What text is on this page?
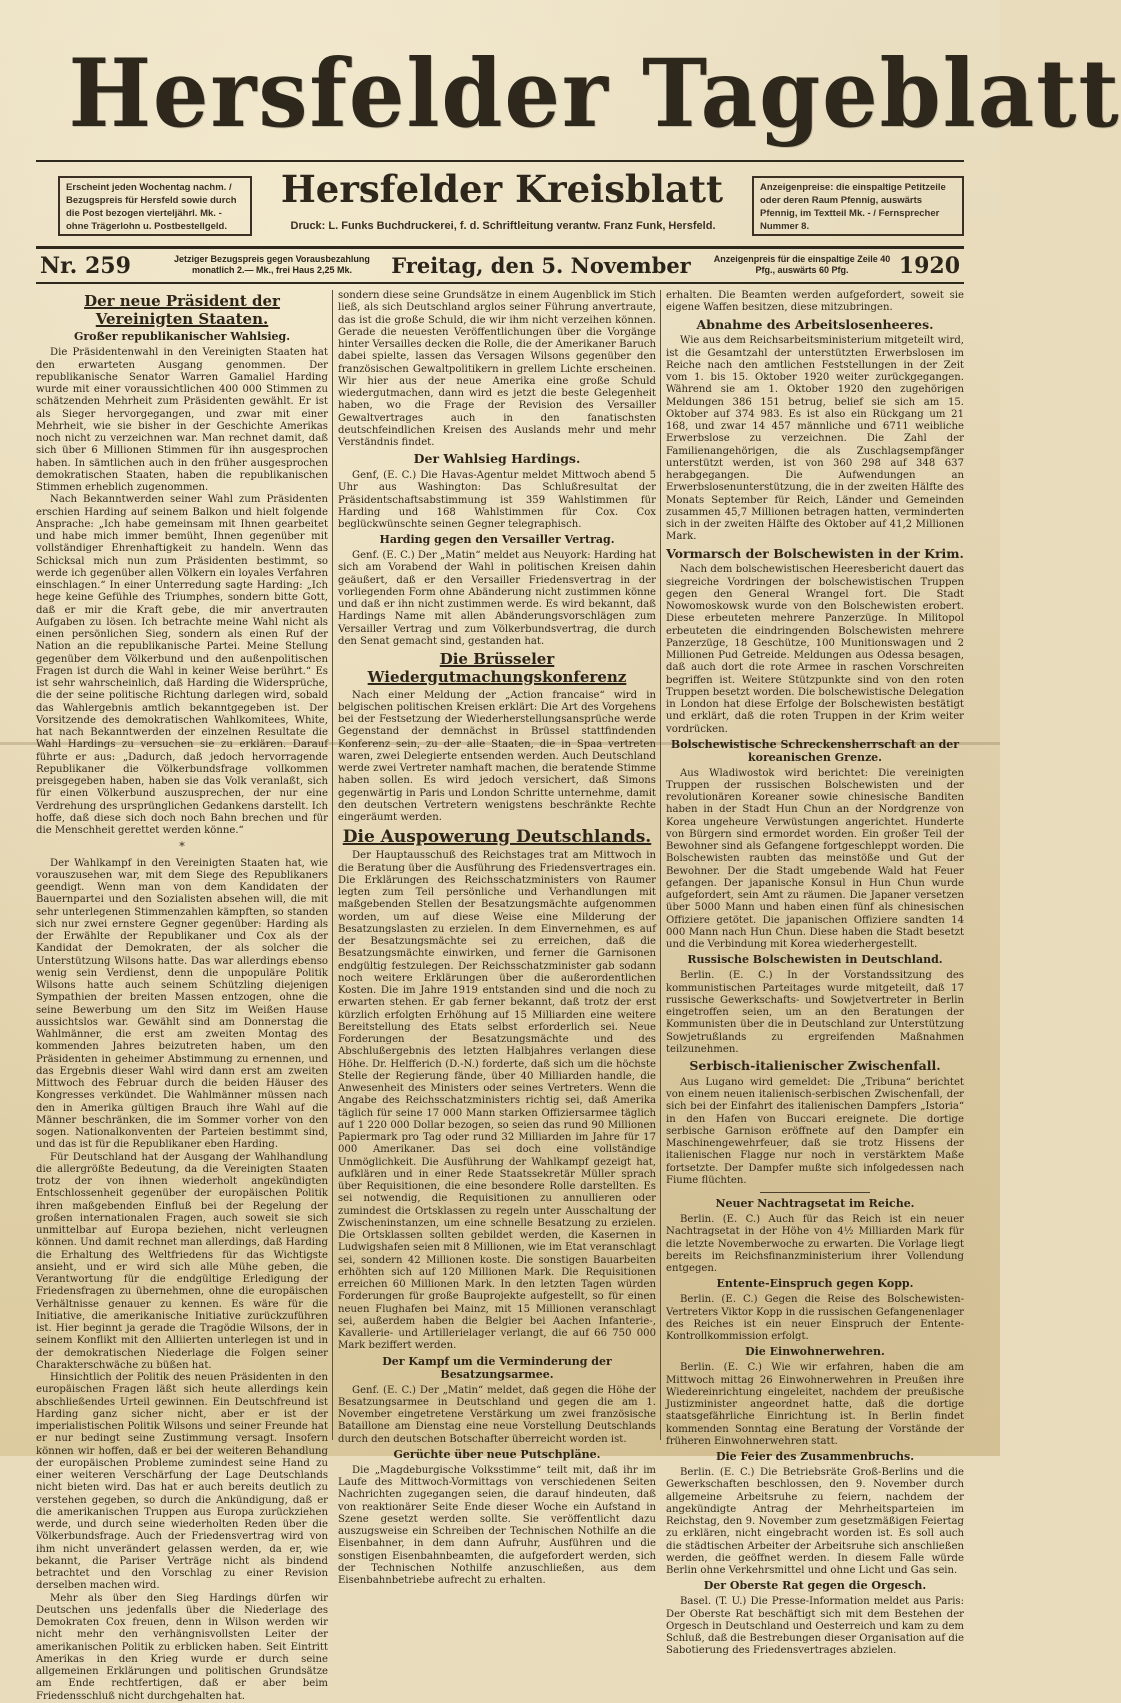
Hersfelder Tageblatt
Erscheint jeden Wochentag nachm. / Bezugspreis für Hersfeld sowie durch die Post bezogen vierteljährl. Mk. - ohne Trägerlohn u. Postbestellgeld.
Hersfelder Kreisblatt
Druck: L. Funks Buchdruckerei, f. d. Schriftleitung verantw. Franz Funk, Hersfeld.
Anzeigenpreise: die einspaltige Petitzeile oder deren Raum Pfennig, auswärts Pfennig, im Textteil Mk. - / Fernsprecher Nummer 8.
Nr. 259	Jetziger Bezugspreis gegen Vorausbezahlung monatlich 2.— Mk., frei Haus 2,25 Mk.	Freitag, den 5. November	Anzeigenpreis für die einspaltige Zeile 40 Pfg., auswärts 60 Pfg.	1920
Der neue Präsident der Vereinigten Staaten.
Großer republikanischer Wahlsieg.

Die Präsidentenwahl in den Vereinigten Staaten hat den erwarteten Ausgang genommen. Der republikanische Senator Warren Gamaliel Harding wurde mit einer voraussichtlichen 400 000 Stimmen zu schätzenden Mehrheit zum Präsidenten gewählt. Er ist als Sieger hervorgegangen, und zwar mit einer Mehrheit, wie sie bisher in der Geschichte Amerikas noch nicht zu verzeichnen war. Man rechnet damit, daß sich über 6 Millionen Stimmen für ihn ausgesprochen haben. In sämtlichen auch in den früher ausgesprochen demokratischen Staaten, haben die republikanischen Stimmen erheblich zugenommen.

Nach Bekanntwerden seiner Wahl zum Präsidenten erschien Harding auf seinem Balkon und hielt folgende Ansprache: „Ich habe gemeinsam mit Ihnen gearbeitet und habe mich immer bemüht, Ihnen gegenüber mit vollständiger Ehrenhaftigkeit zu handeln. Wenn das Schicksal mich nun zum Präsidenten bestimmt, so werde ich gegenüber allen Völkern ein loyales Verfahren einschlagen.“ In einer Unterredung sagte Harding: „Ich hege keine Gefühle des Triumphes, sondern bitte Gott, daß er mir die Kraft gebe, die mir anvertrauten Aufgaben zu lösen. Ich betrachte meine Wahl nicht als einen persönlichen Sieg, sondern als einen Ruf der Nation an die republikanische Partei. Meine Stellung gegenüber dem Völkerbund und den außenpolitischen Fragen ist durch die Wahl in keiner Weise berührt.“ Es ist sehr wahrscheinlich, daß Harding die Widersprüche, die der seine politische Richtung darlegen wird, sobald das Wahlergebnis amtlich bekanntgegeben ist. Der Vorsitzende des demokratischen Wahlkomitees, White, hat nach Bekanntwerden der einzelnen Resultate die Wahl Hardings zu versuchen sie zu erklären. Darauf führte er aus: „Dadurch, daß jedoch hervorragende Republikaner die Völkerbundsfrage vollkommen preisgegeben haben, haben sie das Volk veranlaßt, sich für einen Völkerbund auszusprechen, der nur eine Verdrehung des ursprünglichen Gedankens darstellt. Ich hoffe, daß diese sich doch noch Bahn brechen und für die Menschheit gerettet werden könne.“

*

Der Wahlkampf in den Vereinigten Staaten hat, wie vorauszusehen war, mit dem Siege des Republikaners geendigt. Wenn man von dem Kandidaten der Bauernpartei und den Sozialisten absehen will, die mit sehr unterlegenen Stimmenzahlen kämpften, so standen sich nur zwei ernstere Gegner gegenüber: Harding als der Erwählte der Republikaner und Cox als der Kandidat der Demokraten, der als solcher die Unterstützung Wilsons hatte. Das war allerdings ebenso wenig sein Verdienst, denn die unpopuläre Politik Wilsons hatte auch seinem Schützling diejenigen Sympathien der breiten Massen entzogen, ohne die seine Bewerbung um den Sitz im Weißen Hause aussichtslos war. Gewählt sind am Donnerstag die Wahlmänner, die erst am zweiten Montag des kommenden Jahres beizutreten haben, um den Präsidenten in geheimer Abstimmung zu ernennen, und das Ergebnis dieser Wahl wird dann erst am zweiten Mittwoch des Februar durch die beiden Häuser des Kongresses verkündet. Die Wahlmänner müssen nach den in Amerika gültigen Brauch ihre Wahl auf die Männer beschränken, die im Sommer vorher von den sogen. Nationalkonventen der Parteien bestimmt sind, und das ist für die Republikaner eben Harding.

Für Deutschland hat der Ausgang der Wahlhandlung die allergrößte Bedeutung, da die Vereinigten Staaten trotz der von ihnen wiederholt angekündigten Entschlossenheit gegenüber der europäischen Politik ihren maßgebenden Einfluß bei der Regelung der großen internationalen Fragen, auch soweit sie sich unmittelbar auf Europa beziehen, nicht verleugnen können. Und damit rechnet man allerdings, daß Harding die Erhaltung des Weltfriedens für das Wichtigste ansieht, und er wird sich alle Mühe geben, die Verantwortung für die endgültige Erledigung der Friedensfragen zu übernehmen, ohne die europäischen Verhältnisse genauer zu kennen. Es wäre für die Initiative, die amerikanische Initiative zurückzuführen ist. Hier beginnt ja gerade die Tragödie Wilsons, der in seinem Konflikt mit den Alliierten unterlegen ist und in der demokratischen Niederlage die Folgen seiner Charakterschwäche zu büßen hat.

Hinsichtlich der Politik des neuen Präsidenten in den europäischen Fragen läßt sich heute allerdings kein abschließendes Urteil gewinnen. Ein Deutschfreund ist Harding ganz sicher nicht, aber er ist der imperialistischen Politik Wilsons und seiner Freunde hat er nur bedingt seine Zustimmung versagt. Insofern können wir hoffen, daß er bei der weiteren Behandlung der europäischen Probleme zumindest seine Hand zu einer weiteren Verschärfung der Lage Deutschlands nicht bieten wird. Das hat er auch bereits deutlich zu verstehen gegeben, so durch die Ankündigung, daß er die amerikanischen Truppen aus Europa zurückziehen werde, und durch seine wiederholten Reden über die Völkerbundsfrage. Auch der Friedensvertrag wird von ihm nicht unverändert gelassen werden, da er, wie bekannt, die Pariser Verträge nicht als bindend betrachtet und den Vorschlag zu einer Revision derselben machen wird.

Mehr als über den Sieg Hardings dürfen wir Deutschen uns jedenfalls über die Niederlage des Demokraten Cox freuen, denn in Wilson werden wir nicht mehr den verhängnisvollsten Leiter der amerikanischen Politik zu erblicken haben. Seit Eintritt Amerikas in den Krieg wurde er durch seine allgemeinen Erklärungen und politischen Grundsätze am Ende rechtfertigen, daß er aber beim Friedensschluß nicht durchgehalten hat.

sondern diese seine Grundsätze in einem Augenblick im Stich ließ, als sich Deutschland arglos seiner Führung anvertraute, das ist die große Schuld, die wir ihm nicht verzeihen können. Gerade die neuesten Veröffentlichungen über die Vorgänge hinter Versailles decken die Rolle, die der Amerikaner Baruch dabei spielte, lassen das Versagen Wilsons gegenüber den französischen Gewaltpolitikern in grellem Lichte erscheinen. Wir hier aus der neue Amerika eine große Schuld wiedergutmachen, dann wird es jetzt die beste Gelegenheit haben, wo die Frage der Revision des Versailler Gewaltvertrages auch in den fanatischsten deutschfeindlichen Kreisen des Auslands mehr und mehr Verständnis findet.

Der Wahlsieg Hardings.

Genf, (E. C.) Die Havas-Agentur meldet Mittwoch abend 5 Uhr aus Washington: Das Schlußresultat der Präsidentschaftsabstimmung ist 359 Wahlstimmen für Harding und 168 Wahlstimmen für Cox. Cox beglückwünschte seinen Gegner telegraphisch.

Harding gegen den Versailler Vertrag.

Genf. (E. C.) Der „Matin“ meldet aus Neuyork: Harding hat sich am Vorabend der Wahl in politischen Kreisen dahin geäußert, daß er den Versailler Friedensvertrag in der vorliegenden Form ohne Abänderung nicht zustimmen könne und daß er ihn nicht zustimmen werde. Es wird bekannt, daß Hardings Name mit allen Abänderungsvorschlägen zum Versailler Vertrag und zum Völkerbundsvertrag, die durch den Senat gemacht sind, gestanden hat.

Die Brüsseler Wiedergutmachungskonferenz

Nach einer Meldung der „Action francaise“ wird in belgischen politischen Kreisen erklärt: Die Art des Vorgehens bei der Festsetzung der Wiederherstellungsansprüche werde Gegenstand der demnächst in Brüssel stattfindenden Konferenz sein, zu der alle Staaten, die in Spaa vertreten waren, zwei Delegierte entsenden werden. Auch Deutschland werde zwei Vertreter namhaft machen, die beratende Stimme haben sollen. Es wird jedoch versichert, daß Simons gegenwärtig in Paris und London Schritte unternehme, damit den deutschen Vertretern wenigstens beschränkte Rechte eingeräumt werden.

Die Auspowerung Deutschlands.

Der Hauptausschuß des Reichstages trat am Mittwoch in die Beratung über die Ausführung des Friedensvertrages ein. Die Erklärungen des Reichsschatzministers von Raumer legten zum Teil persönliche und Verhandlungen mit maßgebenden Stellen der Besatzungsmächte aufgenommen worden, um auf diese Weise eine Milderung der Besatzungslasten zu erzielen. In dem Einvernehmen, es auf der Besatzungsmächte sei zu erreichen, daß die Besatzungsmächte einwirken, und ferner die Garnisonen endgültig festzulegen. Der Reichsschatzminister gab sodann noch weitere Erklärungen über die außerordentlichen Kosten. Die im Jahre 1919 entstanden sind und die noch zu erwarten stehen. Er gab ferner bekannt, daß trotz der erst kürzlich erfolgten Erhöhung auf 15 Milliarden eine weitere Bereitstellung des Etats selbst erforderlich sei. Neue Forderungen der Besatzungsmächte und des Abschlußergebnis des letzten Halbjahres verlangen diese Höhe. Dr. Helfferich (D.-N.) forderte, daß sich um die höchste Stelle der Regierung fände, über 40 Milliarden handle, die Anwesenheit des Ministers oder seines Vertreters. Wenn die Angabe des Reichsschatzministers richtig sei, daß Amerika täglich für seine 17 000 Mann starken Offiziersarmee täglich auf 1 220 000 Dollar bezogen, so seien das rund 90 Millionen Papiermark pro Tag oder rund 32 Milliarden im Jahre für 17 000 Amerikaner. Das sei doch eine vollständige Unmöglichkeit. Die Ausführung der Wahlkampf gezeigt hat, aufklären und in einer Rede Staatssekretär Müller sprach über Requisitionen, die eine besondere Rolle darstellten. Es sei notwendig, die Requisitionen zu annullieren oder zumindest die Ortsklassen zu regeln unter Ausschaltung der Zwischeninstanzen, um eine schnelle Besatzung zu erzielen. Die Ortsklassen sollten gebildet werden, die Kasernen in Ludwigshafen seien mit 8 Millionen, wie im Etat veranschlagt sei, sondern 42 Millionen koste. Die sonstigen Bauarbeiten erhöhten sich auf 120 Millionen Mark. Die Requisitionen erreichen 60 Millionen Mark. In den letzten Tagen würden Forderungen für große Bauprojekte aufgestellt, so für einen neuen Flughafen bei Mainz, mit 15 Millionen veranschlagt sei, außerdem haben die Belgier bei Aachen Infanterie-, Kavallerie- und Artillerielager verlangt, die auf 66 750 000 Mark beziffert werden.

Der Kampf um die Verminderung der Besatzungsarmee.

Genf. (E. C.) Der „Matin“ meldet, daß gegen die Höhe der Besatzungsarmee in Deutschland und gegen die am 1. November eingetretene Verstärkung um zwei französische Bataillone am Dienstag eine neue Vorstellung Deutschlands durch den deutschen Botschafter überreicht worden ist.

Gerüchte über neue Putschpläne.

Die „Magdeburgische Volksstimme“ teilt mit, daß ihr im Laufe des Mittwoch-Vormittags von verschiedenen Seiten Nachrichten zugegangen seien, die darauf hindeuten, daß von reaktionärer Seite Ende dieser Woche ein Aufstand in Szene gesetzt werden sollte. Sie veröffentlicht dazu auszugsweise ein Schreiben der Technischen Nothilfe an die Eisenbahner, in dem dann Aufruhr, Ausführen und die sonstigen Eisenbahnbeamten, die aufgefordert werden, sich der Technischen Nothilfe anzuschließen, aus dem Eisenbahnbetriebe aufrecht zu erhalten.

erhalten. Die Beamten werden aufgefordert, soweit sie eigene Waffen besitzen, diese mitzubringen.

Abnahme des Arbeitslosenheeres.

Wie aus dem Reichsarbeitsministerium mitgeteilt wird, ist die Gesamtzahl der unterstützten Erwerbslosen im Reiche nach den amtlichen Feststellungen in der Zeit vom 1. bis 15. Oktober 1920 weiter zurückgegangen. Während sie am 1. Oktober 1920 den zugehörigen Meldungen 386 151 betrug, belief sie sich am 15. Oktober auf 374 983. Es ist also ein Rückgang um 21 168, und zwar 14 457 männliche und 6711 weibliche Erwerbslose zu verzeichnen. Die Zahl der Familienangehörigen, die als Zuschlagsempfänger unterstützt werden, ist von 360 298 auf 348 637 herabgegangen. Die Aufwendungen an Erwerbslosenunterstützung, die in der zweiten Hälfte des Monats September für Reich, Länder und Gemeinden zusammen 45,7 Millionen betragen hatten, verminderten sich in der zweiten Hälfte des Oktober auf 41,2 Millionen Mark.

Vormarsch der Bolschewisten in der Krim.

Nach dem bolschewistischen Heeresbericht dauert das siegreiche Vordringen der bolschewistischen Truppen gegen den General Wrangel fort. Die Stadt Nowomoskowsk wurde von den Bolschewisten erobert. Diese erbeuteten mehrere Panzerzüge. In Militopol erbeuteten die eindringenden Bolschewisten mehrere Panzerzüge, 18 Geschütze, 100 Munitionswagen und 2 Millionen Pud Getreide. Meldungen aus Odessa besagen, daß auch dort die rote Armee in raschen Vorschreiten begriffen ist. Weitere Stützpunkte sind von den roten Truppen besetzt worden. Die bolschewistische Delegation in London hat diese Erfolge der Bolschewisten bestätigt und erklärt, daß die roten Truppen in der Krim weiter vordrücken.

Bolschewistische Schreckensherrschaft an der koreanischen Grenze.

Aus Wladiwostok wird berichtet: Die vereinigten Truppen der russischen Bolschewisten und der revolutionären Koreaner sowie chinesische Banditen haben in der Stadt Hun Chun an der Nordgrenze von Korea ungeheure Verwüstungen angerichtet. Hunderte von Bürgern sind ermordet worden. Ein großer Teil der Bewohner sind als Gefangene fortgeschleppt worden. Die Bolschewisten raubten das meinstöße und Gut der Bewohner. Der die Stadt umgebende Wald hat Feuer gefangen. Der japanische Konsul in Hun Chun wurde aufgefordert, sein Amt zu räumen. Die Japaner versetzen über 5000 Mann und haben einen fünf als chinesischen Offiziere getötet. Die japanischen Offiziere sandten 14 000 Mann nach Hun Chun. Diese haben die Stadt besetzt und die Verbindung mit Korea wiederhergestellt.

Russische Bolschewisten in Deutschland.

Berlin. (E. C.) In der Vorstandssitzung des kommunistischen Parteitages wurde mitgeteilt, daß 17 russische Gewerkschafts- und Sowjetvertreter in Berlin eingetroffen seien, um an den Beratungen der Kommunisten über die in Deutschland zur Unterstützung Sowjetrußlands zu ergreifenden Maßnahmen teilzunehmen.

Serbisch-italienischer Zwischenfall.

Aus Lugano wird gemeldet: Die „Tribuna“ berichtet von einem neuen italienisch-serbischen Zwischenfall, der sich bei der Einfahrt des italienischen Dampfers „Istoria“ in den Hafen von Buccari ereignete. Die dortige serbische Garnison eröffnete auf den Dampfer ein Maschinengewehrfeuer, daß sie trotz Hissens der italienischen Flagge nur noch in verstärktem Maße fortsetzte. Der Dampfer mußte sich infolgedessen nach Fiume flüchten.

Neuer Nachtragsetat im Reiche.

Berlin. (E. C.) Auch für das Reich ist ein neuer Nachtragsetat in der Höhe von 4½ Milliarden Mark für die letzte Novemberwoche zu erwarten. Die Vorlage liegt bereits im Reichsfinanzministerium ihrer Vollendung entgegen.

Entente-Einspruch gegen Kopp.

Berlin. (E. C.) Gegen die Reise des Bolschewisten-Vertreters Viktor Kopp in die russischen Gefangenenlager des Reiches ist ein neuer Einspruch der Entente-Kontrollkommission erfolgt.

Die Einwohnerwehren.

Berlin. (E. C.) Wie wir erfahren, haben die am Mittwoch mittag 26 Einwohnerwehren in Preußen ihre Wiedereinrichtung eingeleitet, nachdem der preußische Justizminister angeordnet hatte, daß die dortige staatsgefährliche Einrichtung ist. In Berlin findet kommenden Sonntag eine Beratung der Vorstände der früheren Einwohnerwehren statt.

Die Feier des Zusammenbruchs.

Berlin. (E. C.) Die Betriebsräte Groß-Berlins und die Gewerkschaften beschlossen, den 9. November durch allgemeine Arbeitsruhe zu feiern, nachdem der angekündigte Antrag der Mehrheitsparteien im Reichstag, den 9. November zum gesetzmäßigen Feiertag zu erklären, nicht eingebracht worden ist. Es soll auch die städtischen Arbeiter der Arbeitsruhe sich anschließen werden, die geöffnet werden. In diesem Falle würde Berlin ohne Verkehrsmittel und ohne Licht und Gas sein.

Der Oberste Rat gegen die Orgesch.

Basel. (T. U.) Die Presse-Information meldet aus Paris: Der Oberste Rat beschäftigt sich mit dem Bestehen der Orgesch in Deutschland und Oesterreich und kam zu dem Schluß, daß die Bestrebungen dieser Organisation auf die Sabotierung des Friedensvertrages abzielen.
